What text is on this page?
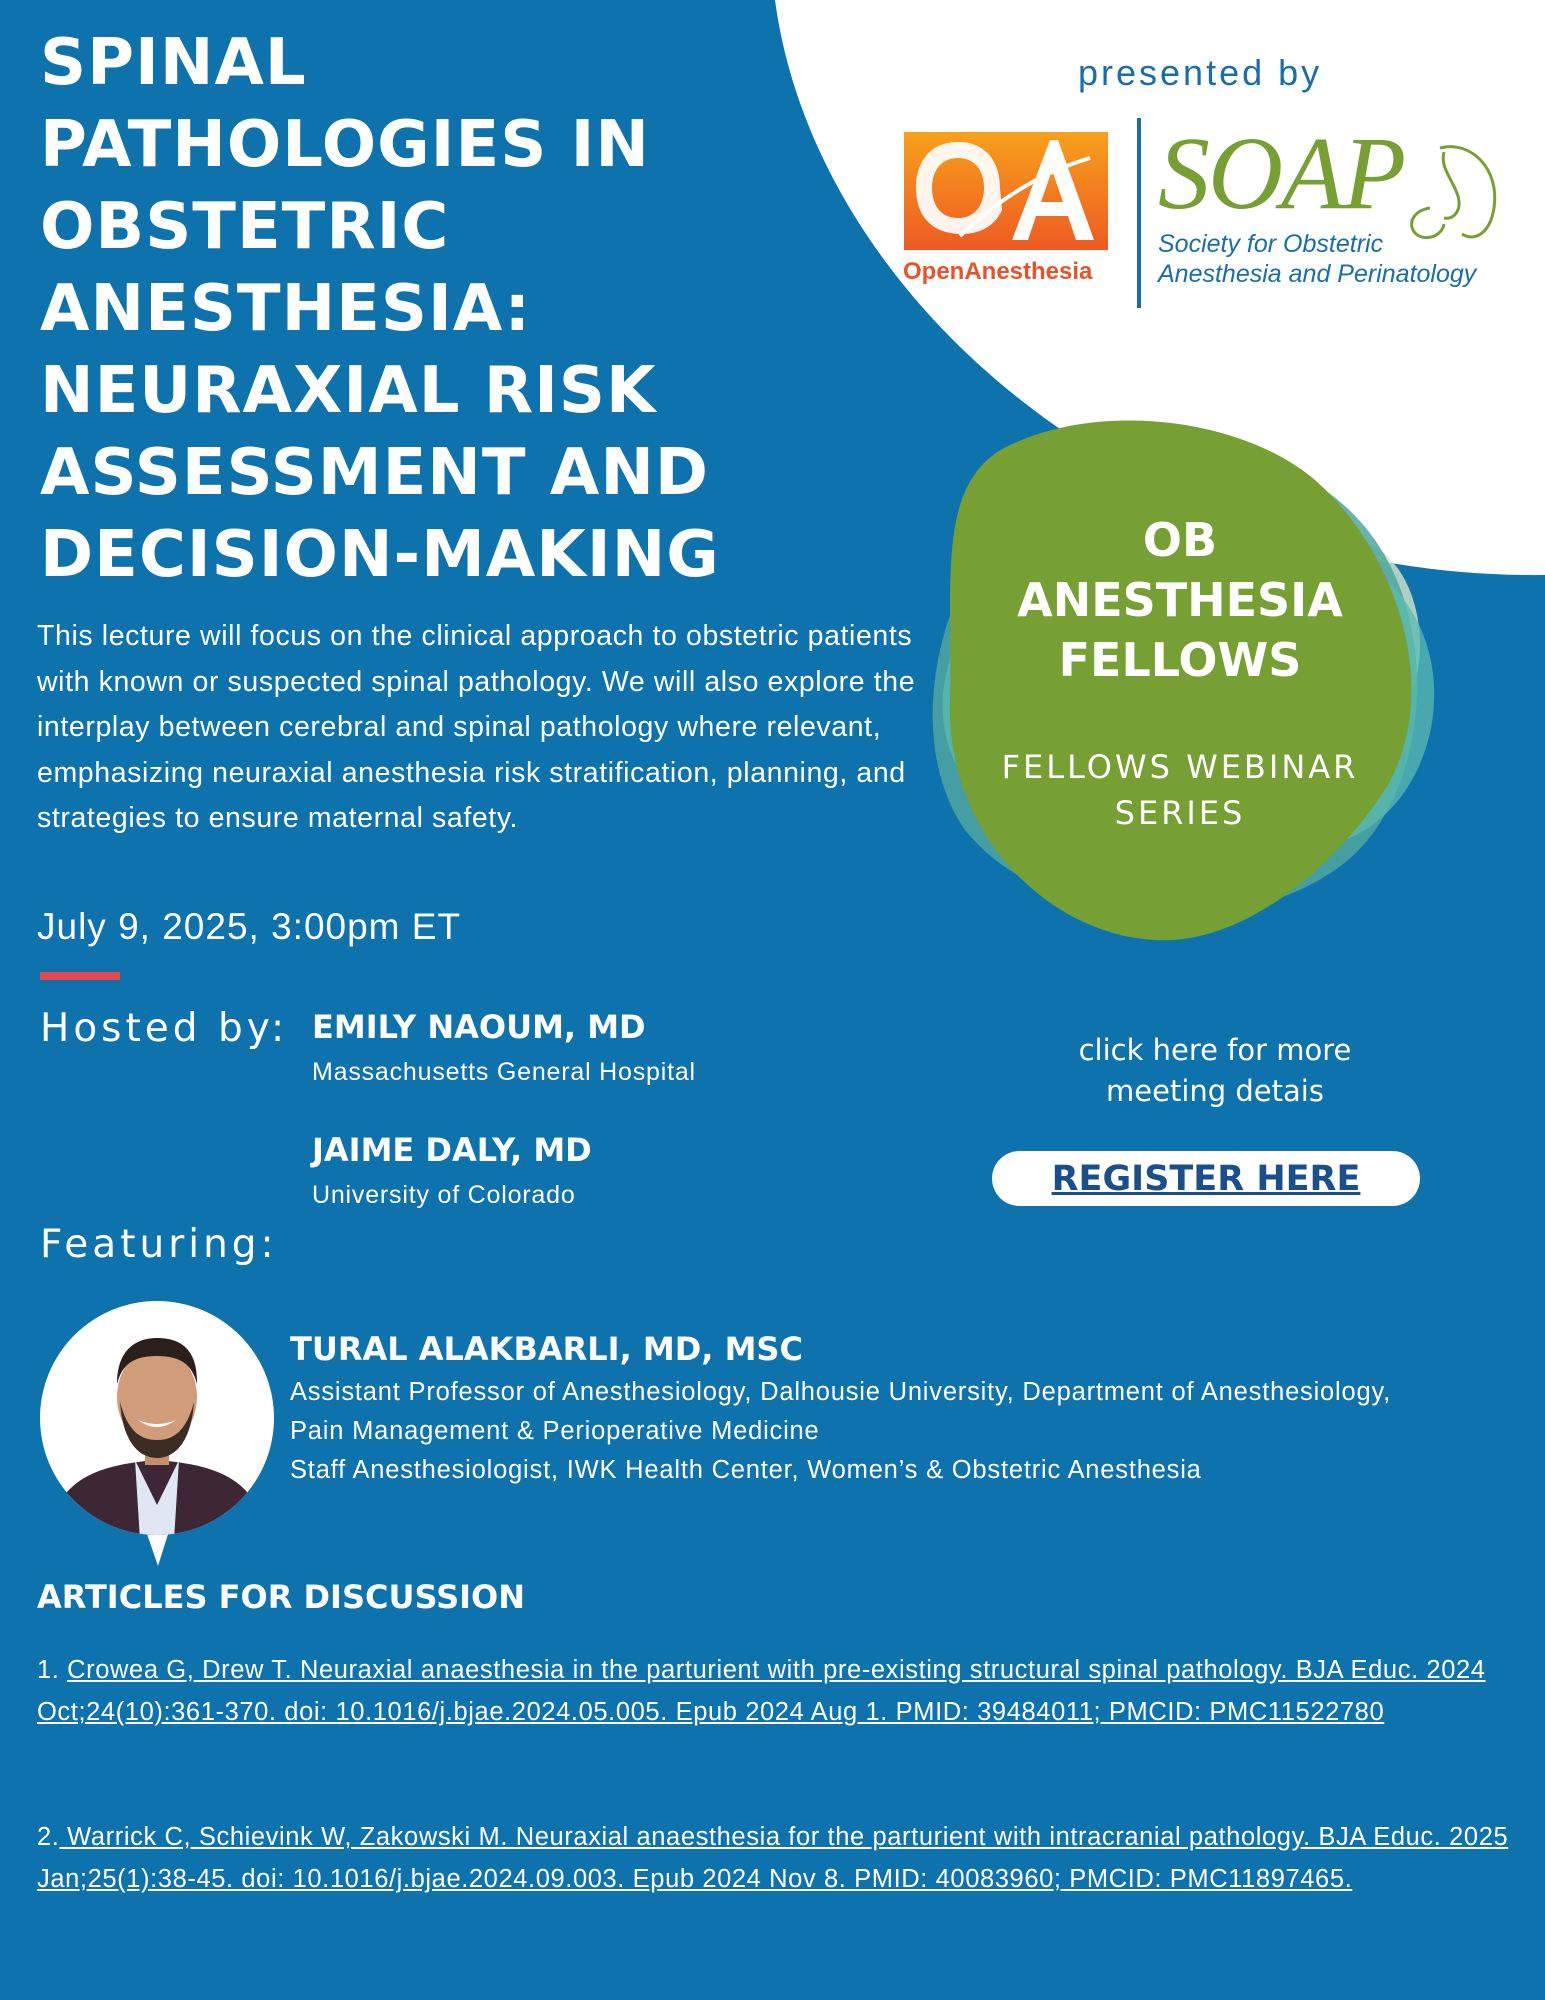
SPINAL
PATHOLOGIES IN
OBSTETRIC
ANESTHESIA:
NEURAXIAL RISK
ASSESSMENT AND
DECISION-MAKING

This lecture will focus on the clinical approach to obstetric patients with known or suspected spinal pathology. We will also explore the interplay between cerebral and spinal pathology where relevant, emphasizing neuraxial anesthesia risk stratification, planning, and strategies to ensure maternal safety.

July 9, 2025, 3:00pm ET
Hosted by: EMILY NAOUM, MD
Massachusetts General Hospital
JAIME DALY, MD
University of Colorado
Featuring:
TURAL ALAKBARLI, MD, MSC
Assistant Professor of Anesthesiology, Dalhousie University, Department of Anesthesiology,
Pain Management & Perioperative Medicine
Staff Anesthesiologist, IWK Health Center, Women’s & Obstetric Anesthesia
ARTICLES FOR DISCUSSION

1. Crowea G, Drew T. Neuraxial anaesthesia in the parturient with pre-existing structural spinal pathology. BJA Educ. 2024 Oct;24(10):361-370. doi: 10.1016/j.bjae.2024.05.005. Epub 2024 Aug 1. PMID: 39484011; PMCID: PMC11522780

2. Warrick C, Schievink W, Zakowski M. Neuraxial anaesthesia for the parturient with intracranial pathology. BJA Educ. 2025 Jan;25(1):38-45. doi: 10.1016/j.bjae.2024.09.003. Epub 2024 Nov 8. PMID: 40083960; PMCID: PMC11897465.

presented by
OpenAnesthesia
SOAP
Society for Obstetric
Anesthesia and Perinatology
OB
ANESTHESIA
FELLOWS
FELLOWS WEBINAR
SERIES
click here for more
meeting detais
REGISTER HERE
